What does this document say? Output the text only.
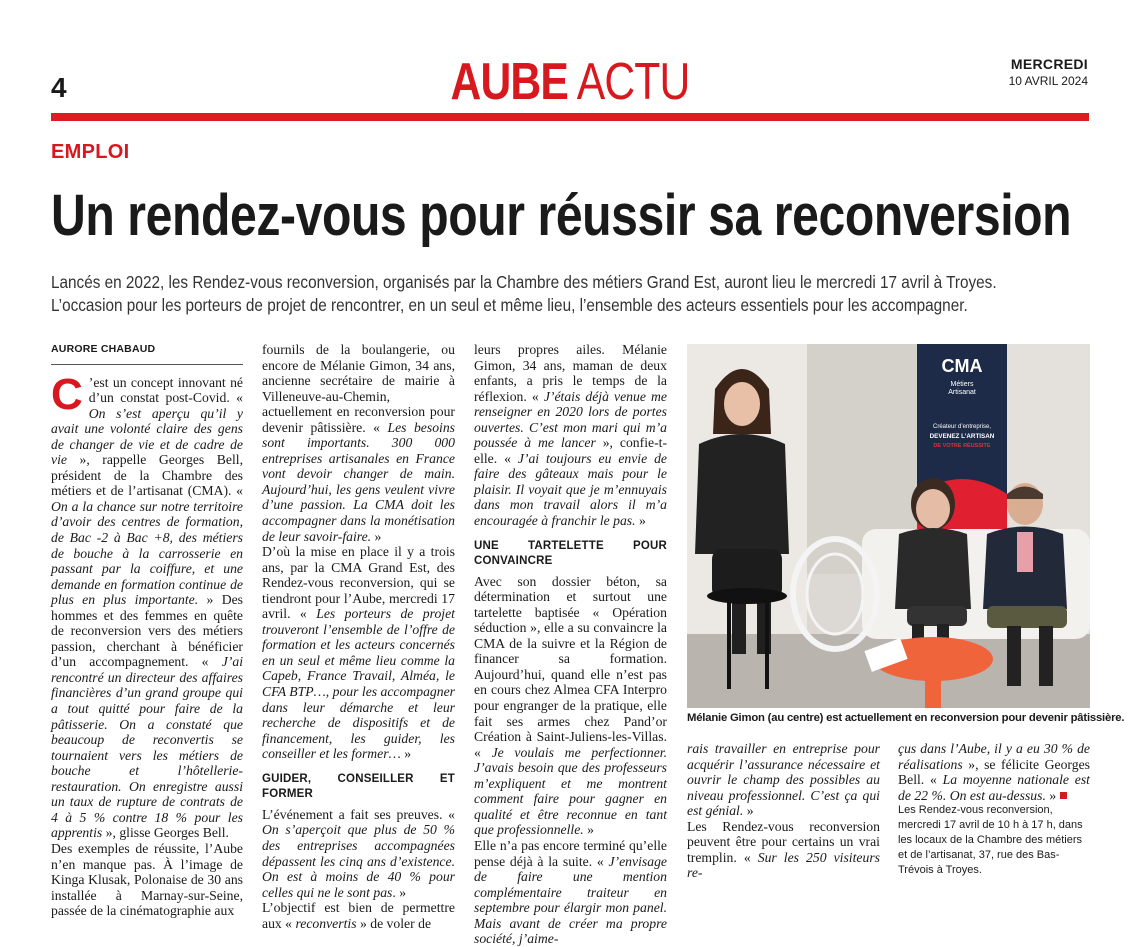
4	AUBE ACTU	MERCREDI
10 AVRIL 2024
EMPLOI
Un rendez-vous pour réussir sa reconversion

Lancés en 2022, les Rendez-vous reconversion, organisés par la Chambre des métiers Grand Est, auront lieu le mercredi 17 avril à Troyes.

L’occasion pour les porteurs de projet de rencontrer, en un seul et même lieu, l’ensemble des acteurs essentiels pour les accompagner.

AURORE CHABAUD

C ’est un concept innovant né d’un constat post-Covid. « On s’est aperçu qu’il y avait une volonté claire des gens de changer de vie et de cadre de vie », rappelle Georges Bell, président de la Chambre des métiers et de l’artisanat (CMA). « On a la chance sur notre territoire d’avoir des centres de formation, de Bac -2 à Bac +8, des métiers de bouche à la carrosserie en passant par la coiffure, et une demande en formation continue de plus en plus importante. » Des hommes et des femmes en quête de reconversion vers des métiers passion, cherchant à bénéficier d’un accompagnement. « J’ai rencontré un directeur des affaires financières d’un grand groupe qui a tout quitté pour faire de la pâtisserie. On a constaté que beaucoup de reconvertis se tournaient vers les métiers de bouche et l’hôtellerie-restauration. On enregistre aussi un taux de rupture de contrats de 4 à 5 % contre 18 % pour les apprentis », glisse Georges Bell.

Des exemples de réussite, l’Aube n’en manque pas. À l’image de Kinga Klusak, Polonaise de 30 ans installée à Marnay-sur-Seine, passée de la cinématographie aux

fournils de la boulangerie, ou encore de Mélanie Gimon, 34 ans, ancienne secrétaire de mairie à Villeneuve-au-Chemin, actuellement en reconversion pour devenir pâtissière. « Les besoins sont importants. 300 000 entreprises artisanales en France vont devoir changer de main. Aujourd’hui, les gens veulent vivre d’une passion. La CMA doit les accompagner dans la monétisation de leur savoir-faire. »

D’où la mise en place il y a trois ans, par la CMA Grand Est, des Rendez-vous reconversion, qui se tiendront pour l’Aube, mercredi 17 avril. « Les porteurs de projet trouveront l’ensemble de l’offre de formation et les acteurs concernés en un seul et même lieu comme la Capeb, France Travail, Alméa, le CFA BTP…, pour les accompagner dans leur démarche et leur recherche de dispositifs et de financement, les guider, les conseiller et les former… »

GUIDER, CONSEILLER ET FORMER

L’événement a fait ses preuves. « On s’aperçoit que plus de 50 % des entreprises accompagnées dépassent les cinq ans d’existence. On est à moins de 40 % pour celles qui ne le sont pas. »

L’objectif est bien de permettre aux « reconvertis » de voler de

leurs propres ailes. Mélanie Gimon, 34 ans, maman de deux enfants, a pris le temps de la réflexion. « J’étais déjà venue me renseigner en 2020 lors de portes ouvertes. C’est mon mari qui m’a poussée à me lancer », confie-t-elle. « J’ai toujours eu envie de faire des gâteaux mais pour le plaisir. Il voyait que je m’ennuyais dans mon travail alors il m’a encouragée à franchir le pas. »

UNE TARTELETTE POUR CONVAINCRE

Avec son dossier béton, sa détermination et surtout une tartelette baptisée « Opération séduction », elle a su convaincre la CMA de la suivre et la Région de financer sa formation. Aujourd’hui, quand elle n’est pas en cours chez Almea CFA Interpro pour engranger de la pratique, elle fait ses armes chez Pand’or Création à Saint-Juliens-les-Villas. « Je voulais me perfectionner. J’avais besoin que des professeurs m’expliquent et me montrent comment faire pour gagner en qualité et être reconnue en tant que professionnelle. »

Elle n’a pas encore terminé qu’elle pense déjà à la suite. « J’envisage de faire une mention complémentaire traiteur en septembre pour élargir mon panel. Mais avant de créer ma propre société, j’aime-

CMA
Métiers
Artisanat
Créateur d’entreprise,
DEVENEZ L’ARTISAN
DE VOTRE RÉUSSITE
Mélanie Gimon (au centre) est actuellement en reconversion pour devenir pâtissière.

rais travailler en entreprise pour acquérir l’assurance nécessaire et ouvrir le champ des possibles au niveau professionnel. C’est ça qui est génial. »

Les Rendez-vous reconversion peuvent être pour certains un vrai tremplin. « Sur les 250 visiteurs re-

çus dans l’Aube, il y a eu 30 % de réalisations », se félicite Georges Bell. « La moyenne nationale est de 22 %. On est au-dessus. »

Les Rendez-vous reconversion, mercredi 17 avril de 10 h à 17 h, dans les locaux de la Chambre des métiers et de l’artisanat, 37, rue des Bas-Trévois à Troyes.
